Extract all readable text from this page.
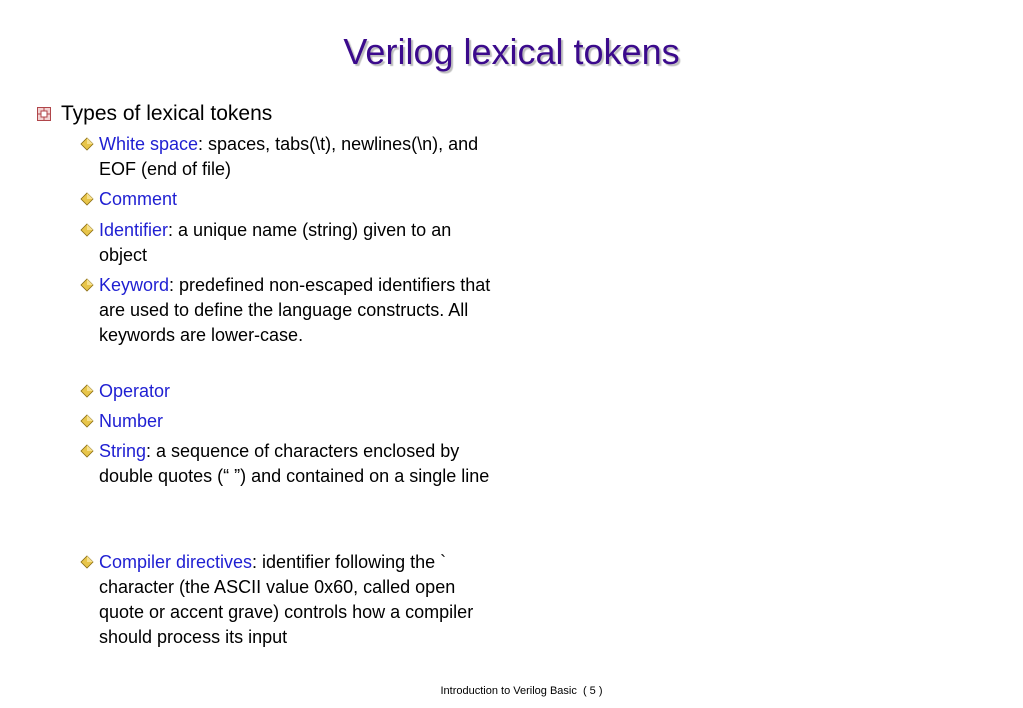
Verilog lexical tokens
Types of lexical tokens
White space: spaces, tabs(\t), newlines(\n), and EOF (end of file)
Comment
Identifier: a unique name (string) given to an object
Keyword: predefined non-escaped identifiers that are used to define the language constructs. All keywords are lower-case.
Operator
Number
String: a sequence of characters enclosed by double quotes (“ ”) and contained on a single line
Compiler directives: identifier following the ` character (the ASCII value 0x60, called open quote or accent grave) controls how a compiler should process its input
Introduction to Verilog Basic  ( 5 )
